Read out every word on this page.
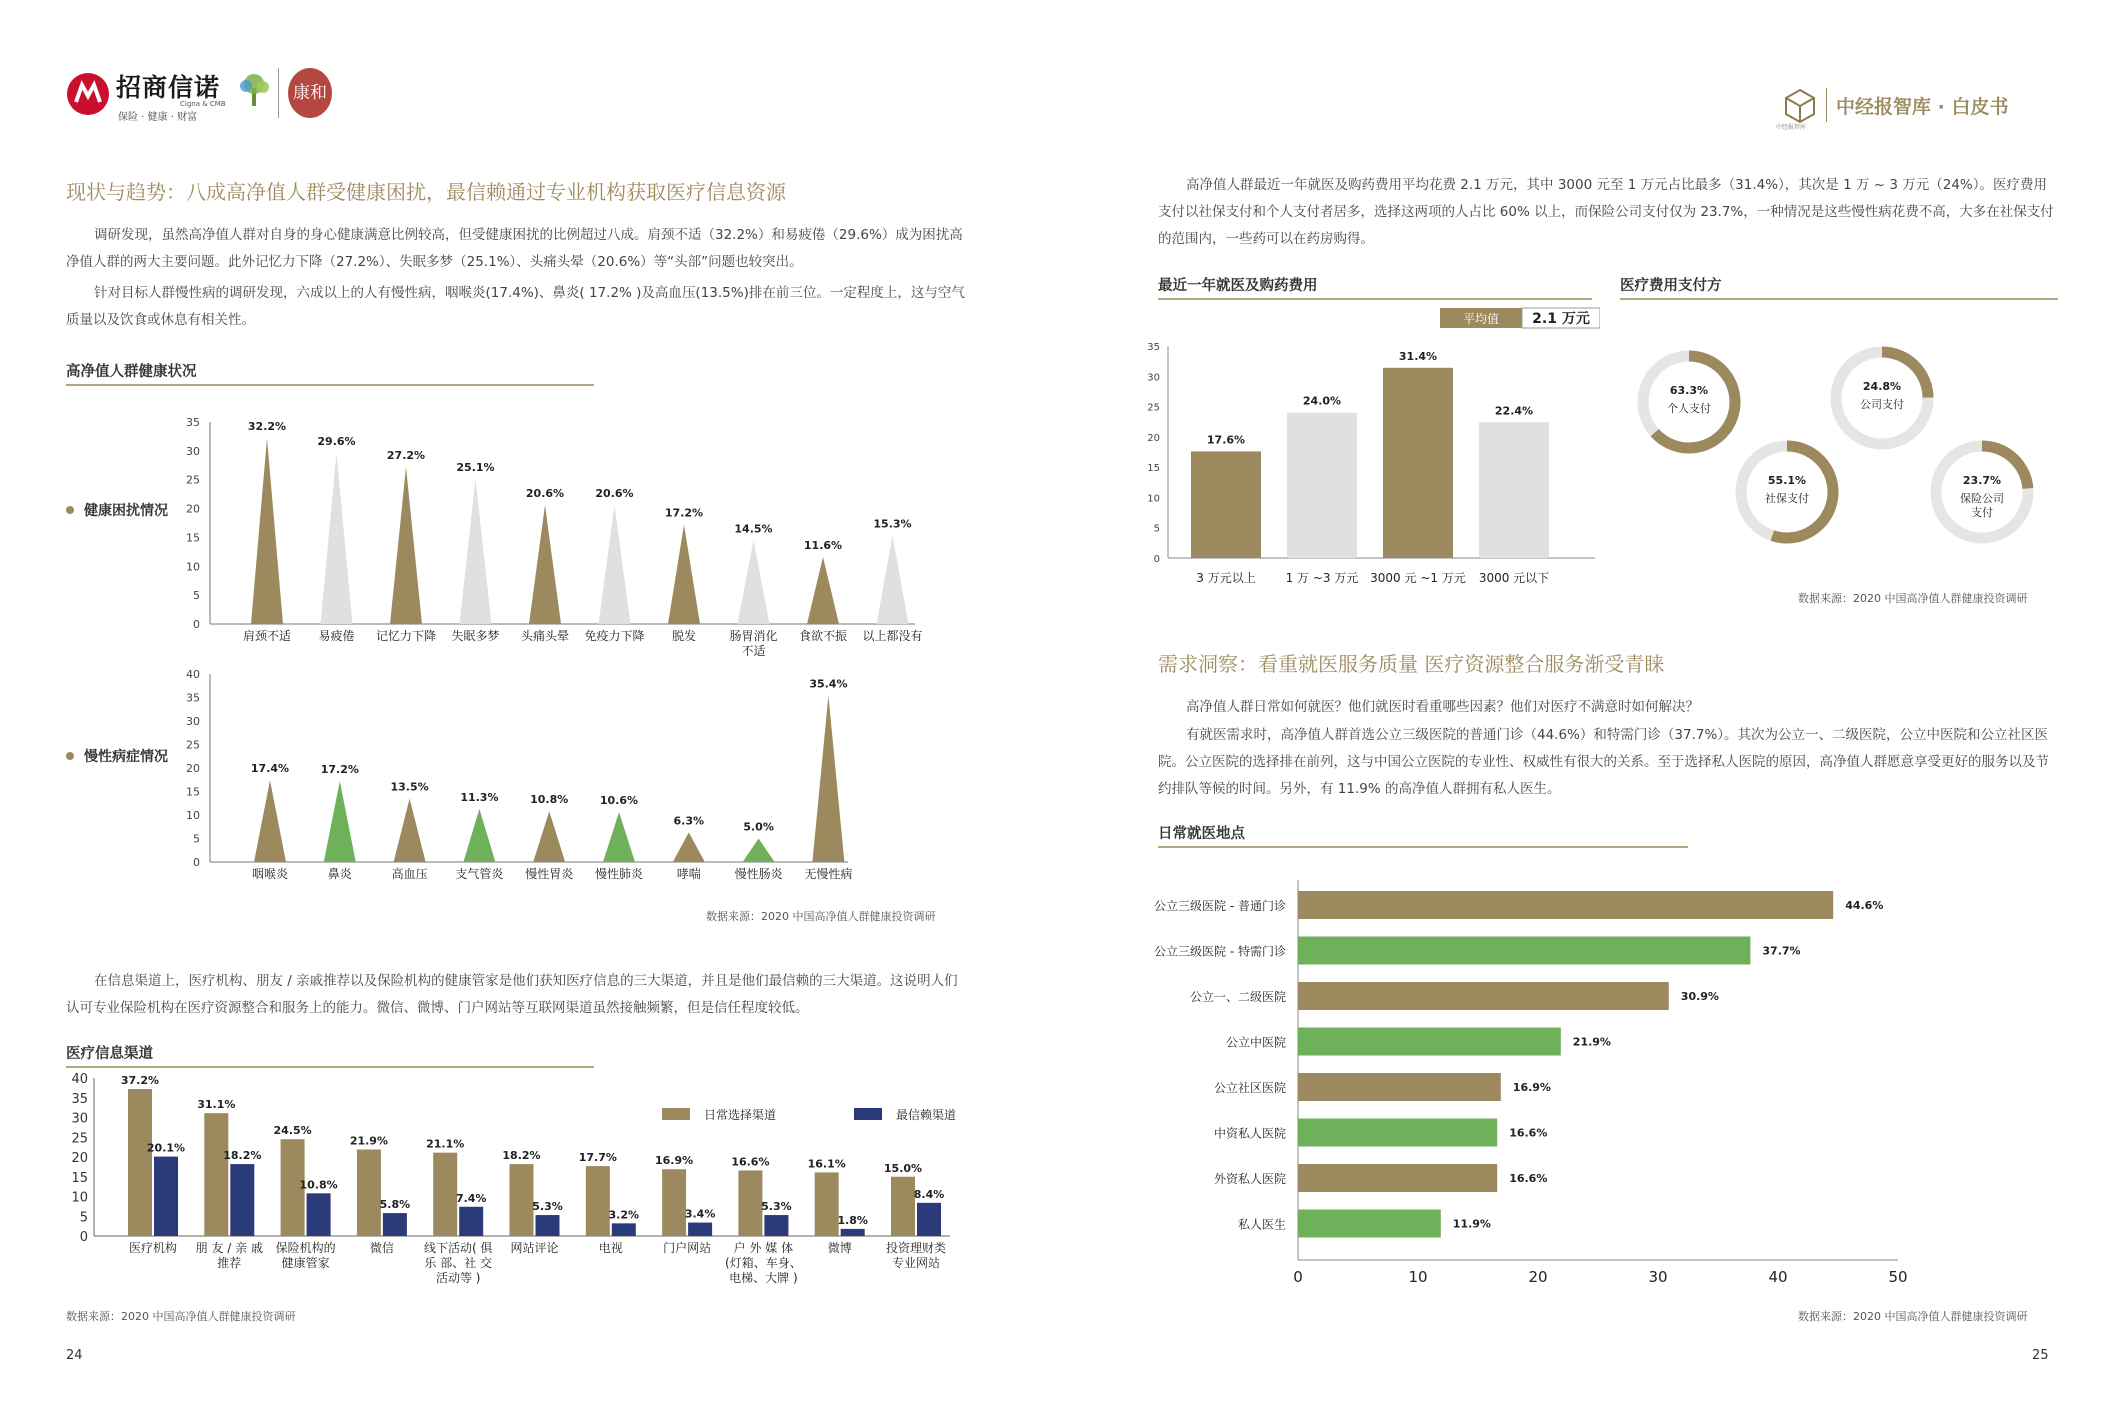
招商信诺
Cigna & CMB
保险 · 健康 · 财富
康和
现状与趋势：八成高净值人群受健康困扰，最信赖通过专业机构获取医疗信息资源

调研发现，虽然高净值人群对自身的身心健康满意比例较高，但受健康困扰的比例超过八成。肩颈不适（32.2%）和易疲倦（29.6%）成为困扰高净值人群的两大主要问题。此外记忆力下降（27.2%）、失眠多梦（25.1%）、头痛头晕（20.6%）等“头部”问题也较突出。

针对目标人群慢性病的调研发现，六成以上的人有慢性病，咽喉炎(17.4%)、鼻炎( 17.2% )及高血压(13.5%)排在前三位。一定程度上，这与空气质量以及饮食或休息有相关性。

高净值人群健康状况
健康困扰情况
35
30
25
20
15
10
5
0
32.2%
肩颈不适
29.6%
易疲倦
27.2%
记忆力下降
25.1%
失眠多梦
20.6%
头痛头晕
20.6%
免疫力下降
17.2%
脱发
14.5%
肠胃消化不适
11.6%
食欲不振
15.3%
以上都没有
慢性病症情况
40
35
30
25
20
15
10
5
0
17.4%
咽喉炎
17.2%
鼻炎
13.5%
高血压
11.3%
支气管炎
10.8%
慢性胃炎
10.6%
慢性肺炎
6.3%
哮喘
5.0%
慢性肠炎
35.4%
无慢性病
数据来源：2020 中国高净值人群健康投资调研

在信息渠道上，医疗机构、朋友 / 亲戚推荐以及保险机构的健康管家是他们获知医疗信息的三大渠道，并且是他们最信赖的三大渠道。这说明人们认可专业保险机构在医疗资源整合和服务上的能力。微信、微博、门户网站等互联网渠道虽然接触频繁，但是信任程度较低。

医疗信息渠道
40
35
30
25
20
15
10
5
0
37.2%
20.1%
医疗机构
31.1%
18.2%
朋 友 / 亲 戚推荐
24.5%
10.8%
保险机构的健康管家
21.9%
5.8%
微信
21.1%
7.4%
线下活动( 俱乐 部、社 交活动等 )
18.2%
5.3%
网站评论
17.7%
3.2%
电视
16.9%
3.4%
门户网站
16.6%
5.3%
户 外 媒 体(灯箱、车身、电梯、大牌 )
16.1%
1.8%
微博
15.0%
8.4%
投资理财类专业网站
日常选择渠道	最信赖渠道
数据来源：2020 中国高净值人群健康投资调研
24
中经报智库
中经报智库 · 白皮书

高净值人群最近一年就医及购药费用平均花费 2.1 万元，其中 3000 元至 1 万元占比最多（31.4%），其次是 1 万 ~ 3 万元（24%）。医疗费用支付以社保支付和个人支付者居多，选择这两项的人占比 60% 以上，而保险公司支付仅为 23.7%，一种情况是这些慢性病花费不高，大多在社保支付的范围内，一些药可以在药房购得。

最近一年就医及购药费用	医疗费用支付方
平均值 2.1 万元
35
30
25
20
15
10
5
0
17.6%
3 万元以上
24.0%
1 万 ~3 万元
31.4%
3000 元 ~1 万元
22.4%
3000 元以下
63.3%
个人支付
24.8%
公司支付
55.1%
社保支付
23.7%
保险公司支付
数据来源：2020 中国高净值人群健康投资调研
需求洞察：看重就医服务质量 医疗资源整合服务渐受青睐

高净值人群日常如何就医？他们就医时看重哪些因素？他们对医疗不满意时如何解决？

有就医需求时，高净值人群首选公立三级医院的普通门诊（44.6%）和特需门诊（37.7%）。其次为公立一、二级医院，公立中医院和公立社区医院。公立医院的选择排在前列，这与中国公立医院的专业性、权威性有很大的关系。至于选择私人医院的原因，高净值人群愿意享受更好的服务以及节约排队等候的时间。另外，有 11.9% 的高净值人群拥有私人医生。

日常就医地点
0	10	20	30	40	50
44.6%
公立三级医院 - 普通门诊
37.7%
公立三级医院 - 特需门诊
30.9%
公立一、二级医院
21.9%
公立中医院
16.9%
公立社区医院
16.6%
中资私人医院
16.6%
外资私人医院
11.9%
私人医生
数据来源：2020 中国高净值人群健康投资调研
25
